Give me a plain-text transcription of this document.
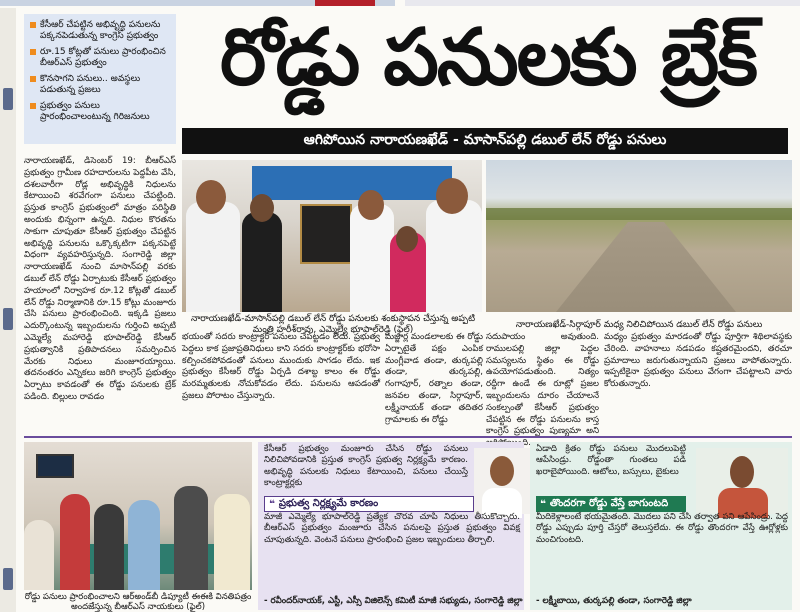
కేసీఆర్ చేపట్టిన అభివృద్ధి పనులను పక్కనపెడుతున్న కాంగ్రెస్ ప్రభుత్వం
రూ.15 కోట్లతో పనులు ప్రారంభించిన బీఆర్ఎస్ ప్రభుత్వం
కొనసాగని పనులు.. అవస్థలు పడుతున్న ప్రజలు
ప్రభుత్వం పనులు ప్రారంభించాలంటున్న గిరిజనులు
రోడ్డు పనులకు బ్రేక్
ఆగిపోయిన నారాయణఖేడ్ - మాసాన్‌పల్లి డబుల్ లేన్ రోడ్డు పనులు
నారాయణఖేడ్, డిసెంబర్ 19: బీఆర్ఎస్ ప్రభుత్వం గ్రామీణ రహదారులను పెద్దపీట వేసి, దశలవారీగా రోడ్ల అభివృద్ధికి నిధులను కేటాయించి శరవేగంగా పనులు చేపట్టింది. ప్రస్తుత కాంగ్రెస్ ప్రభుత్వంలో మాత్రం పరిస్థితి అందుకు భిన్నంగా ఉన్నది. నిధుల కొరతను సాకుగా చూపుతూ కేసీఆర్ ప్రభుత్వం చేపట్టిన అభివృద్ధి పనులను ఒక్కొక్కటిగా పక్కనపెట్టే విధంగా వ్యవహరిస్తున్నది. సంగారెడ్డి జిల్లా నారాయణఖేడ్ నుంచి మాసాన్‌పల్లి వరకు డబుల్ లేన్ రోడ్డు ఏర్పాటుకు కేసీఆర్ ప్రభుత్వం హయాంలో నిర్వాహక రూ.12 కోట్లతో డబుల్ లేన్ రోడ్డు నిర్మాణానికి రూ.15 కోట్లు మంజూరు చేసి పనులు ప్రారంభించింది. ఇక్కడి ప్రజలు ఎదుర్కొంటున్న ఇబ్బందులను గుర్తించి అప్పటి ఎమ్మెల్యే మహారెడ్డి భూపాల్‌రెడ్డి కేసీఆర్ ప్రభుత్వానికి ప్రతిపాదనలు సమర్పించిన మేరకు నిధులు మంజూరయ్యాయి. తదనంతరం ఎన్నికలు జరిగి కాంగ్రెస్ ప్రభుత్వం ఏర్పాటు కావడంతో ఈ రోడ్డు పనులకు బ్రేక్ పడింది. బిల్లులు రావడం
నారాయణఖేడ్-మాసాన్‌పల్లి డబుల్ లేన్ రోడ్డు పనులకు శంకుస్థాపన చేస్తున్న అప్పటి మంత్రి హరీశ్‌రావు, ఎమ్మెల్యే భూపాల్‌రెడ్డి (ఫైల్)	నారాయణఖేడ్-సిర్గాపూర్ మధ్య నిలిచిపోయిన డబుల్ లేన్ రోడ్డు పనులు
భయంతో సదరు కాంట్రాక్టర్ పనులు చేపట్టడం లేదు. ప్రభుత్వ పెద్దలు కాక ప్రజాప్రతినిధులు కాని సదరు కాంట్రాక్టర్‌కు భరోసా కల్పించకపోవడంతో పనులు ముందుకు సాగడం లేదు. ఇక ప్రభుత్వం కేసీఆర్ రోడ్డు ఏర్పడి దశాబ్ద కాలం ఈ రోడ్డు మరమ్మతులకు నోచుకోవడం లేదు. పనులను ఆపడంతో ప్రజలు పోరాటం చేస్తున్నారు.
మజ్జార్ల మండలాలకు ఈ రోడ్డు ఏర్పాటైతే పక్షం ఎంపిక మంగ్లీవాడ తండా, తుర్కపల్లి తండా, తుర్కపల్లి, గంగాపూర్, రత్నాల తండా, జనవల తండా, సిర్గాపూర్, లక్ష్మీనాయక్ తండా తదితర గ్రామాలకు ఈ రోడ్డు
సదుపాయం అవుతుంది. రాములపల్లి జిల్లా పెద్దల సమస్యలను స్థితం ఈ రోడ్డు ఉపయోగపడుతుంది. నిత్యం రద్దీగా ఉండే ఈ రూట్లో ప్రజల ఇబ్బందులను దూరం చేయాలనే సంకల్పంతో కేసీఆర్ ప్రభుత్వం చేపట్టిన ఈ రోడ్డు పనులను కాస్త కాంగ్రెస్ ప్రభుత్వం పుణ్యమా అని
మధ్యం ప్రభుత్వం మారడంతో రోడ్డు పూర్తిగా శిథిలావస్థకు చేరింది. వాహనాలు నడపడం కష్టతరమైందని, తరచూ ప్రమాదాలు జరుగుతున్నాయని ప్రజలు వాపోతున్నారు. ఇప్పటికైనా ప్రభుత్వం పనులు వేగంగా చేపట్టాలని వారు కోరుతున్నారు.
రోడ్డు పనులు ప్రారంభించాలని ఆర్‌అండ్‌బీ డిప్యూటీ ఈఈకి వినతిపత్రం అందజేస్తున్న బీఆర్ఎస్ నాయకులు (ఫైల్)
కేసీఆర్ ప్రభుత్వం మంజూరు చేసిన రోడ్డు పనులు నిలిచిపోవడానికి ప్రస్తుత కాంగ్రెస్ ప్రభుత్వ నిర్లక్ష్యమే కారణం. అభివృద్ధి పనులకు నిధులు కేటాయించి, పనులు చేయిస్తే కాంట్రాక్టర్లకు
❝ ప్రభుత్వ నిర్లక్ష్యమే కారణం
మాజీ ఎమ్మెల్యే భూపాల్‌రెడ్డి ప్రత్యేక చొరవ చూపి నిధులు తీసుకొచ్చారు. బీఆర్ఎస్ ప్రభుత్వం మంజూరు చేసిన పనులపై ప్రస్తుత ప్రభుత్వం వివక్ష చూపుతున్నది. వెంటనే పనులు ప్రారంభించి ప్రజల ఇబ్బందులు తీర్చాలి.
- రవీందర్‌నాయక్, ఎస్టీ, ఎస్సీ విజిలెన్స్ కమిటీ మాజీ సభ్యుడు, సంగారెడ్డి జిల్లా
ఏడాది క్రితం రోడ్డు పనులు మొదలుపెట్టి ఆపేసిండ్రు. రోడ్డంతా గుంతలు పడి ఖరాబైపోయింది. ఆటోలు, బస్సులు, బైకులు
❝ తొందరగా రోడ్డు వేస్తే బాగుంటది
మీదికెళ్లాలంటే భయమైతంది. మొదలు పని చేసి తర్వాత పని ఆపేసిండ్రు. పెద్ద రోడ్డు ఎప్పుడు పూర్తి చేస్తరో తెలుస్తలేదు. ఈ రోడ్డు తొందరగా వేస్తే ఊర్లోళ్లకు మంచిగుంటది.
- లక్ష్మీబాయి, తుర్కపల్లి తండా, సంగారెడ్డి జిల్లా
